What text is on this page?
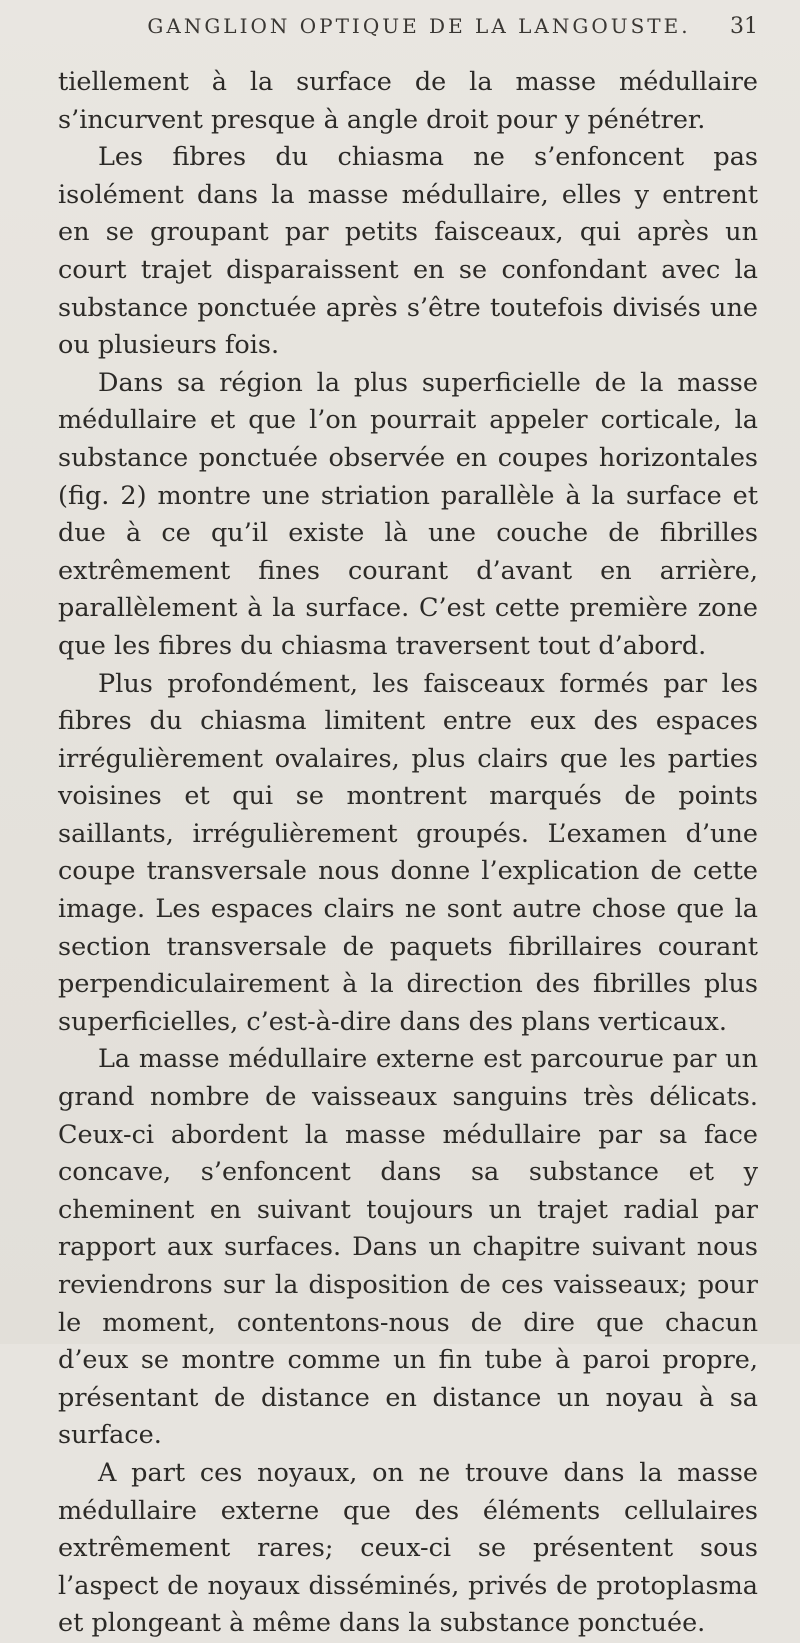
GANGLION OPTIQUE DE LA LANGOUSTE.	31

tiellement à la surface de la masse médullaire s’incurvent presque à angle droit pour y pénétrer.

Les fibres du chiasma ne s’enfoncent pas isolément dans la masse médullaire, elles y entrent en se groupant par petits faisceaux, qui après un court trajet disparaissent en se confondant avec la substance ponctuée après s’être toutefois divisés une ou plusieurs fois.

Dans sa région la plus superficielle de la masse médullaire et que l’on pourrait appeler corticale, la substance ponctuée observée en coupes horizontales (fig. 2) montre une striation parallèle à la surface et due à ce qu’il existe là une couche de fibrilles extrêmement fines courant d’avant en arrière, parallèlement à la surface. C’est cette première zone que les fibres du chiasma traversent tout d’abord.

Plus profondément, les faisceaux formés par les fibres du chiasma limitent entre eux des espaces irrégulièrement ovalaires, plus clairs que les parties voisines et qui se montrent marqués de points saillants, irrégulièrement groupés. L’examen d’une coupe transversale nous donne l’explication de cette image. Les espaces clairs ne sont autre chose que la section transversale de paquets fibrillaires courant perpendiculairement à la direction des fibrilles plus superficielles, c’est-à-dire dans des plans verticaux.

La masse médullaire externe est parcourue par un grand nombre de vaisseaux sanguins très délicats. Ceux-ci abordent la masse médullaire par sa face concave, s’enfoncent dans sa substance et y cheminent en suivant toujours un trajet radial par rapport aux surfaces. Dans un chapitre suivant nous reviendrons sur la disposition de ces vaisseaux; pour le moment, contentons-nous de dire que chacun d’eux se montre comme un fin tube à paroi propre, présentant de distance en distance un noyau à sa surface.

A part ces noyaux, on ne trouve dans la masse médullaire externe que des éléments cellulaires extrêmement rares; ceux-ci se présentent sous l’aspect de noyaux disséminés, privés de protoplasma et plongeant à même dans la substance ponctuée.
